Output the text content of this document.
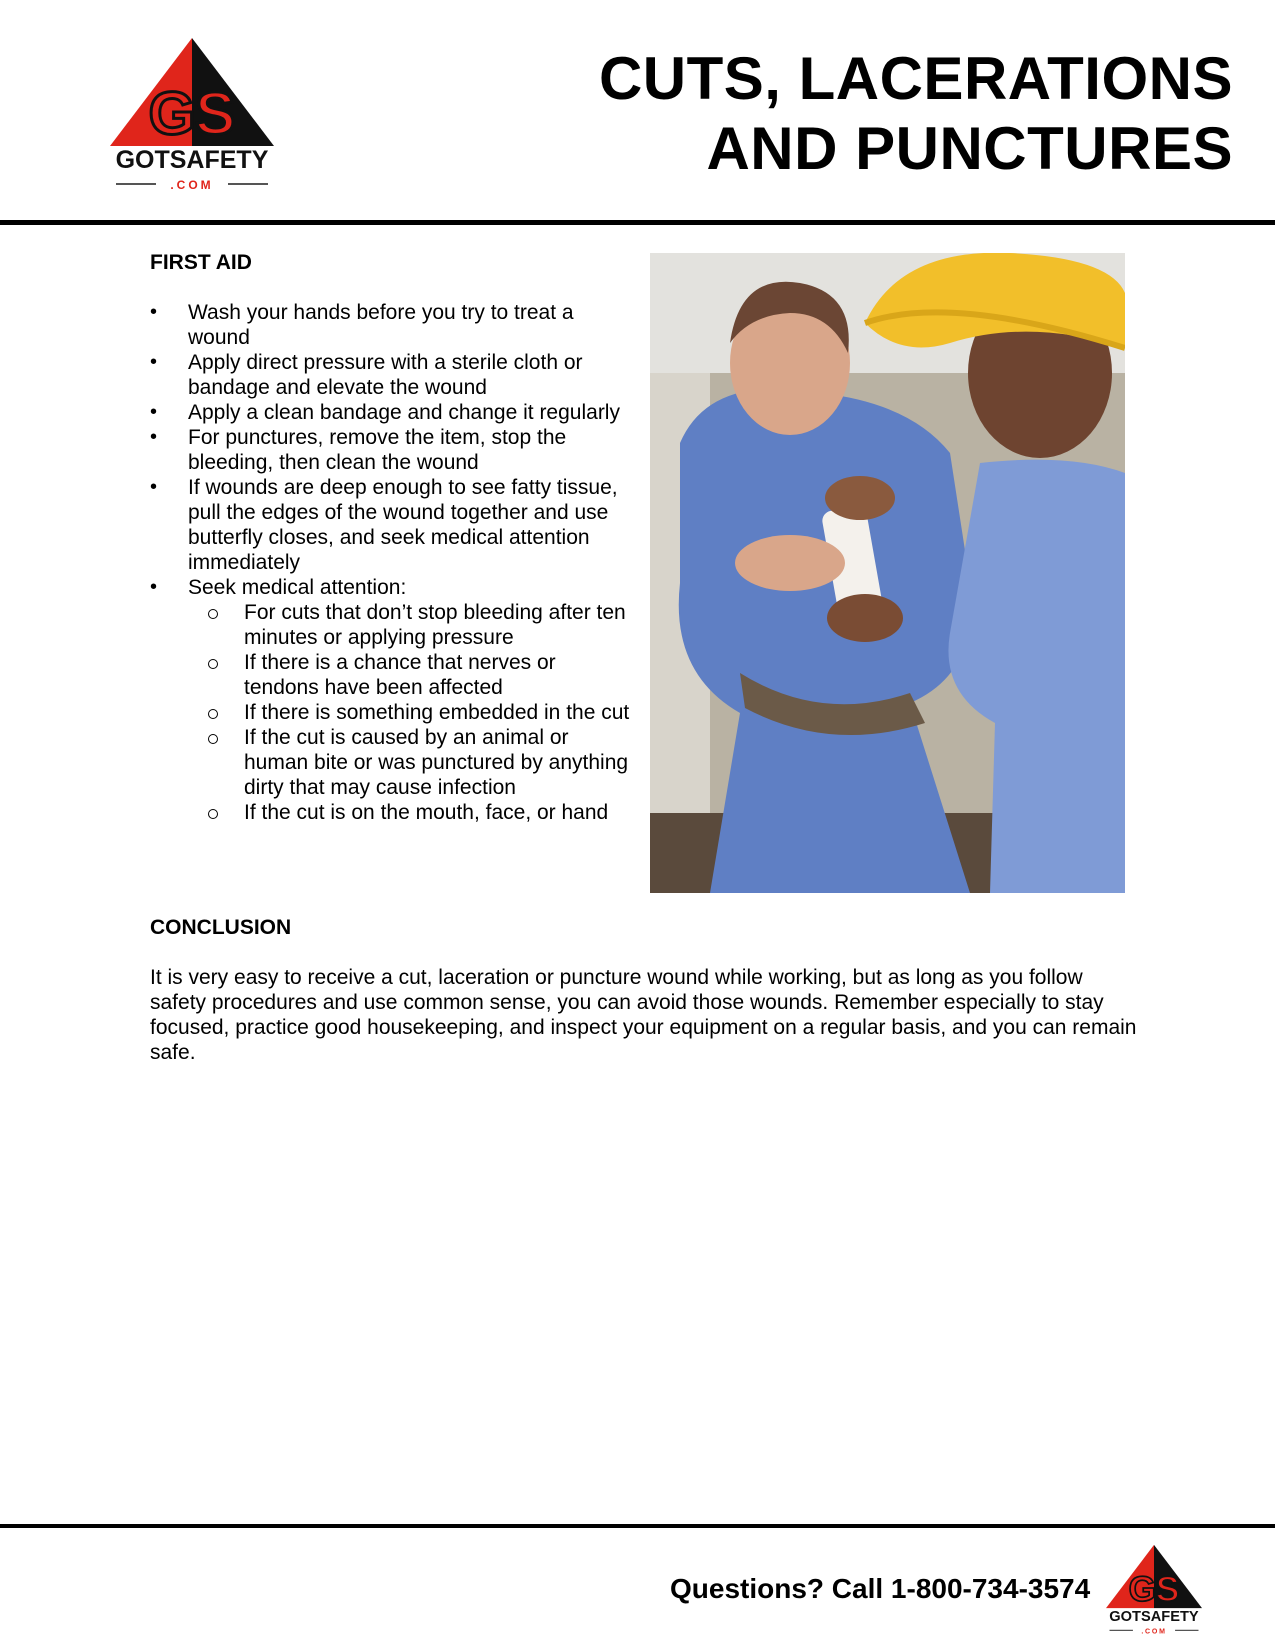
GS
GOTSAFETY
.COM
CUTS, LACERATIONS
AND PUNCTURES
FIRST AID
• Wash your hands before you try to treat a wound
• Apply direct pressure with a sterile cloth or bandage and elevate the wound
• Apply a clean bandage and change it regularly
• For punctures, remove the item, stop the bleeding, then clean the wound
• If wounds are deep enough to see fatty tissue, pull the edges of the wound together and use butterfly closes, and seek medical attention immediately
• Seek medical attention:
For cuts that don’t stop bleeding after ten minutes or applying pressure
If there is a chance that nerves or tendons have been affected
If there is something embedded in the cut
If the cut is caused by an animal or human bite or was punctured by anything dirty that may cause infection
If the cut is on the mouth, face, or hand
CONCLUSION

It is very easy to receive a cut, laceration or puncture wound while working, but as long as you follow safety procedures and use common sense, you can avoid those wounds. Remember especially to stay focused, practice good housekeeping, and inspect your equipment on a regular basis, and you can remain safe.

Questions? Call 1-800-734-3574 GS
GOTSAFETY
.COM
